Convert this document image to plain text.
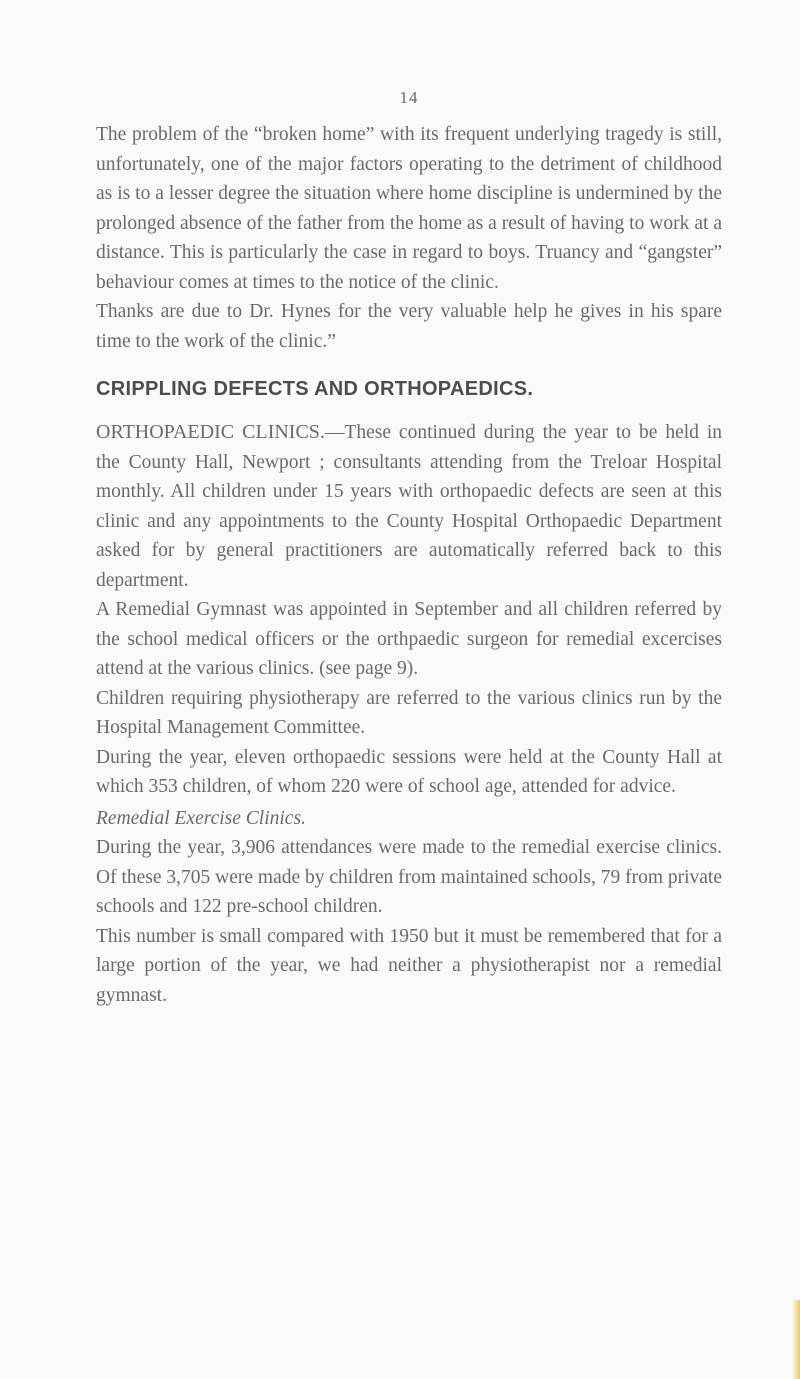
14

The problem of the “broken home” with its frequent underlying tragedy is still, unfortunately, one of the major factors operating to the detriment of childhood as is to a lesser degree the situation where home discipline is undermined by the prolonged absence of the father from the home as a result of having to work at a distance. This is particularly the case in regard to boys. Truancy and “gangster” behaviour comes at times to the notice of the clinic.

Thanks are due to Dr. Hynes for the very valuable help he gives in his spare time to the work of the clinic.”

CRIPPLING DEFECTS AND ORTHOPAEDICS.

ORTHOPAEDIC CLINICS.—These continued during the year to be held in the County Hall, Newport ; consultants attending from the Treloar Hospital monthly. All children under 15 years with orthopaedic defects are seen at this clinic and any appointments to the County Hospital Orthopaedic Department asked for by general practitioners are automatically referred back to this department.

A Remedial Gymnast was appointed in September and all children referred by the school medical officers or the orthpaedic surgeon for remedial excercises attend at the various clinics. (see page 9).

Children requiring physiotherapy are referred to the various clinics run by the Hospital Management Committee.

During the year, eleven orthopaedic sessions were held at the County Hall at which 353 children, of whom 220 were of school age, attended for advice.

Remedial Exercise Clinics.

During the year, 3,906 attendances were made to the remedial exercise clinics. Of these 3,705 were made by children from maintained schools, 79 from private schools and 122 pre-school children.

This number is small compared with 1950 but it must be remembered that for a large portion of the year, we had neither a physiotherapist nor a remedial gymnast.
